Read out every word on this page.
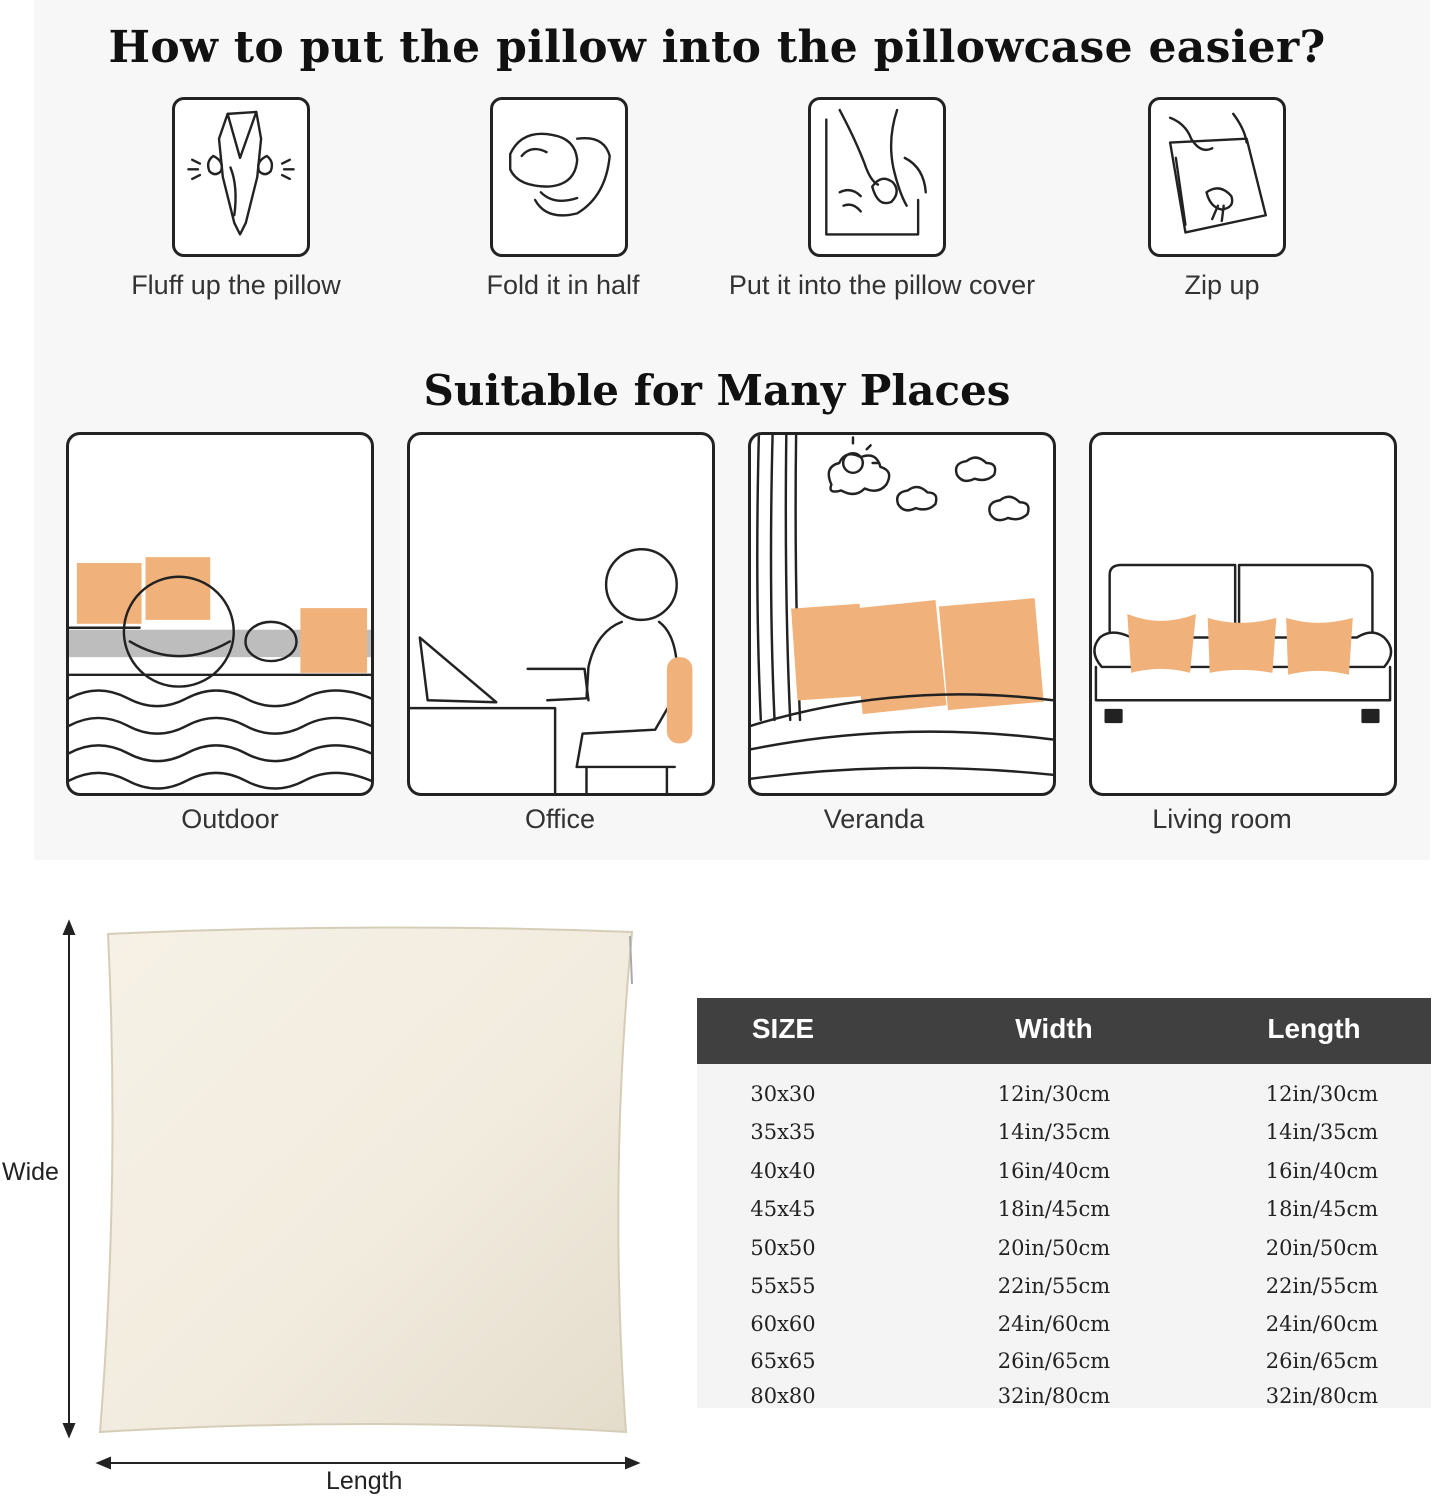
How to put the pillow into the pillowcase easier?
Fluff up the pillow	Fold it in half	Put it into the pillow cover	Zip up
Suitable for Many Places
Outdoor	Office	Veranda	Living room
Wide
Length
SIZE	Width	Length
30x30	12in/30cm	12in/30cm
35x35	14in/35cm	14in/35cm
40x40	16in/40cm	16in/40cm
45x45	18in/45cm	18in/45cm
50x50	20in/50cm	20in/50cm
55x55	22in/55cm	22in/55cm
60x60	24in/60cm	24in/60cm
65x65	26in/65cm	26in/65cm
80x80	32in/80cm	32in/80cm
